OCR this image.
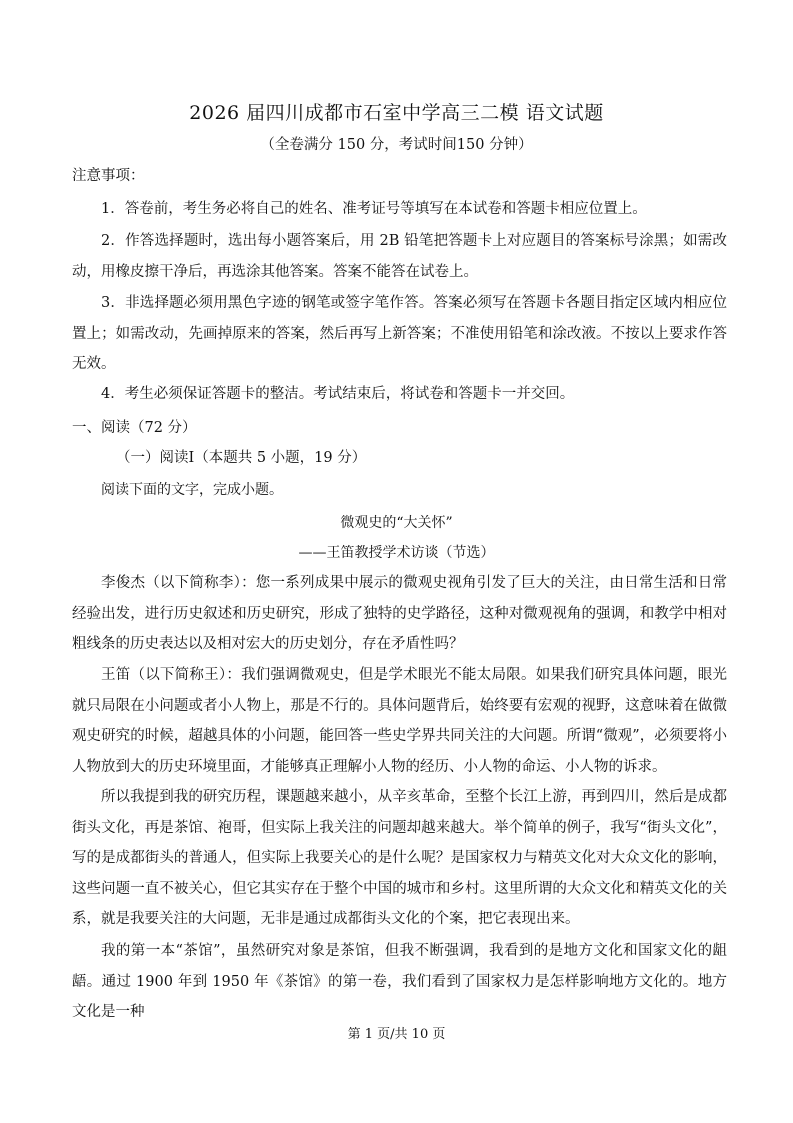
2026 届四川成都市石室中学高三二模 语文试题
（全卷满分 150 分，考试时间150 分钟）
注意事项：
1．答卷前，考生务必将自己的姓名、准考证号等填写在本试卷和答题卡相应位置上。
2．作答选择题时，选出每小题答案后，用 2B 铅笔把答题卡上对应题目的答案标号涂黑；如需改动，用橡皮擦干净后，再选涂其他答案。答案不能答在试卷上。
3．非选择题必须用黑色字迹的钢笔或签字笔作答。答案必须写在答题卡各题目指定区域内相应位置上；如需改动，先画掉原来的答案，然后再写上新答案；不准使用铅笔和涂改液。不按以上要求作答无效。
4．考生必须保证答题卡的整洁。考试结束后，将试卷和答题卡一并交回。
一、阅读（72 分）
（一）阅读Ⅰ（本题共 5 小题，19 分）
阅读下面的文字，完成小题。
微观史的“大关怀”
——王笛教授学术访谈（节选）
李俊杰（以下简称李）：您一系列成果中展示的微观史视角引发了巨大的关注，由日常生活和日常经验出发，进行历史叙述和历史研究，形成了独特的史学路径，这种对微观视角的强调，和教学中相对粗线条的历史表达以及相对宏大的历史划分，存在矛盾性吗？
王笛（以下简称王）：我们强调微观史，但是学术眼光不能太局限。如果我们研究具体问题，眼光就只局限在小问题或者小人物上，那是不行的。具体问题背后，始终要有宏观的视野，这意味着在做微观史研究的时候，超越具体的小问题，能回答一些史学界共同关注的大问题。所谓“微观”，必须要将小人物放到大的历史环境里面，才能够真正理解小人物的经历、小人物的命运、小人物的诉求。
所以我提到我的研究历程，课题越来越小，从辛亥革命，至整个长江上游，再到四川，然后是成都街头文化，再是茶馆、袍哥，但实际上我关注的问题却越来越大。举个简单的例子，我写“街头文化”，写的是成都街头的普通人，但实际上我要关心的是什么呢？是国家权力与精英文化对大众文化的影响，这些问题一直不被关心，但它其实存在于整个中国的城市和乡村。这里所谓的大众文化和精英文化的关系，就是我要关注的大问题，无非是通过成都街头文化的个案，把它表现出来。
我的第一本“茶馆”，虽然研究对象是茶馆，但我不断强调，我看到的是地方文化和国家文化的龃龉。通过 1900 年到 1950 年《茶馆》的第一卷，我们看到了国家权力是怎样影响地方文化的。地方文化是一种
第 1 页/共 10 页
